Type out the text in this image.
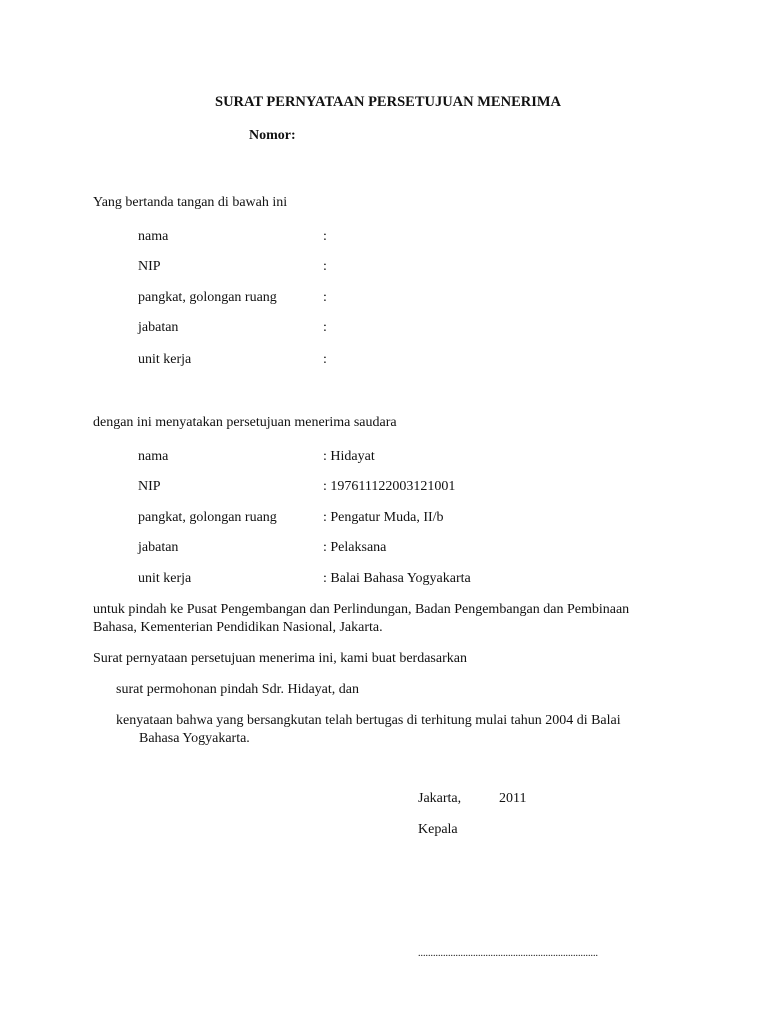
SURAT PERNYATAAN PERSETUJUAN MENERIMA
Nomor:
Yang bertanda tangan di bawah ini
nama	:
NIP	:
pangkat, golongan ruang	:
jabatan	:
unit kerja	:
dengan ini menyatakan persetujuan menerima saudara
nama	: Hidayat
NIP	: 197611122003121001
pangkat, golongan ruang	: Pengatur Muda, II/b
jabatan	: Pelaksana
unit kerja	: Balai Bahasa Yogyakarta
untuk pindah ke Pusat Pengembangan dan Perlindungan, Badan Pengembangan dan Pembinaan
Bahasa, Kementerian Pendidikan Nasional, Jakarta.
Surat pernyataan persetujuan menerima ini, kami buat berdasarkan
surat permohonan pindah Sdr. Hidayat, dan
kenyataan bahwa yang bersangkutan telah bertugas di terhitung mulai tahun 2004 di Balai
Bahasa Yogyakarta.
Jakarta,	2011
Kepala
........................................................................
